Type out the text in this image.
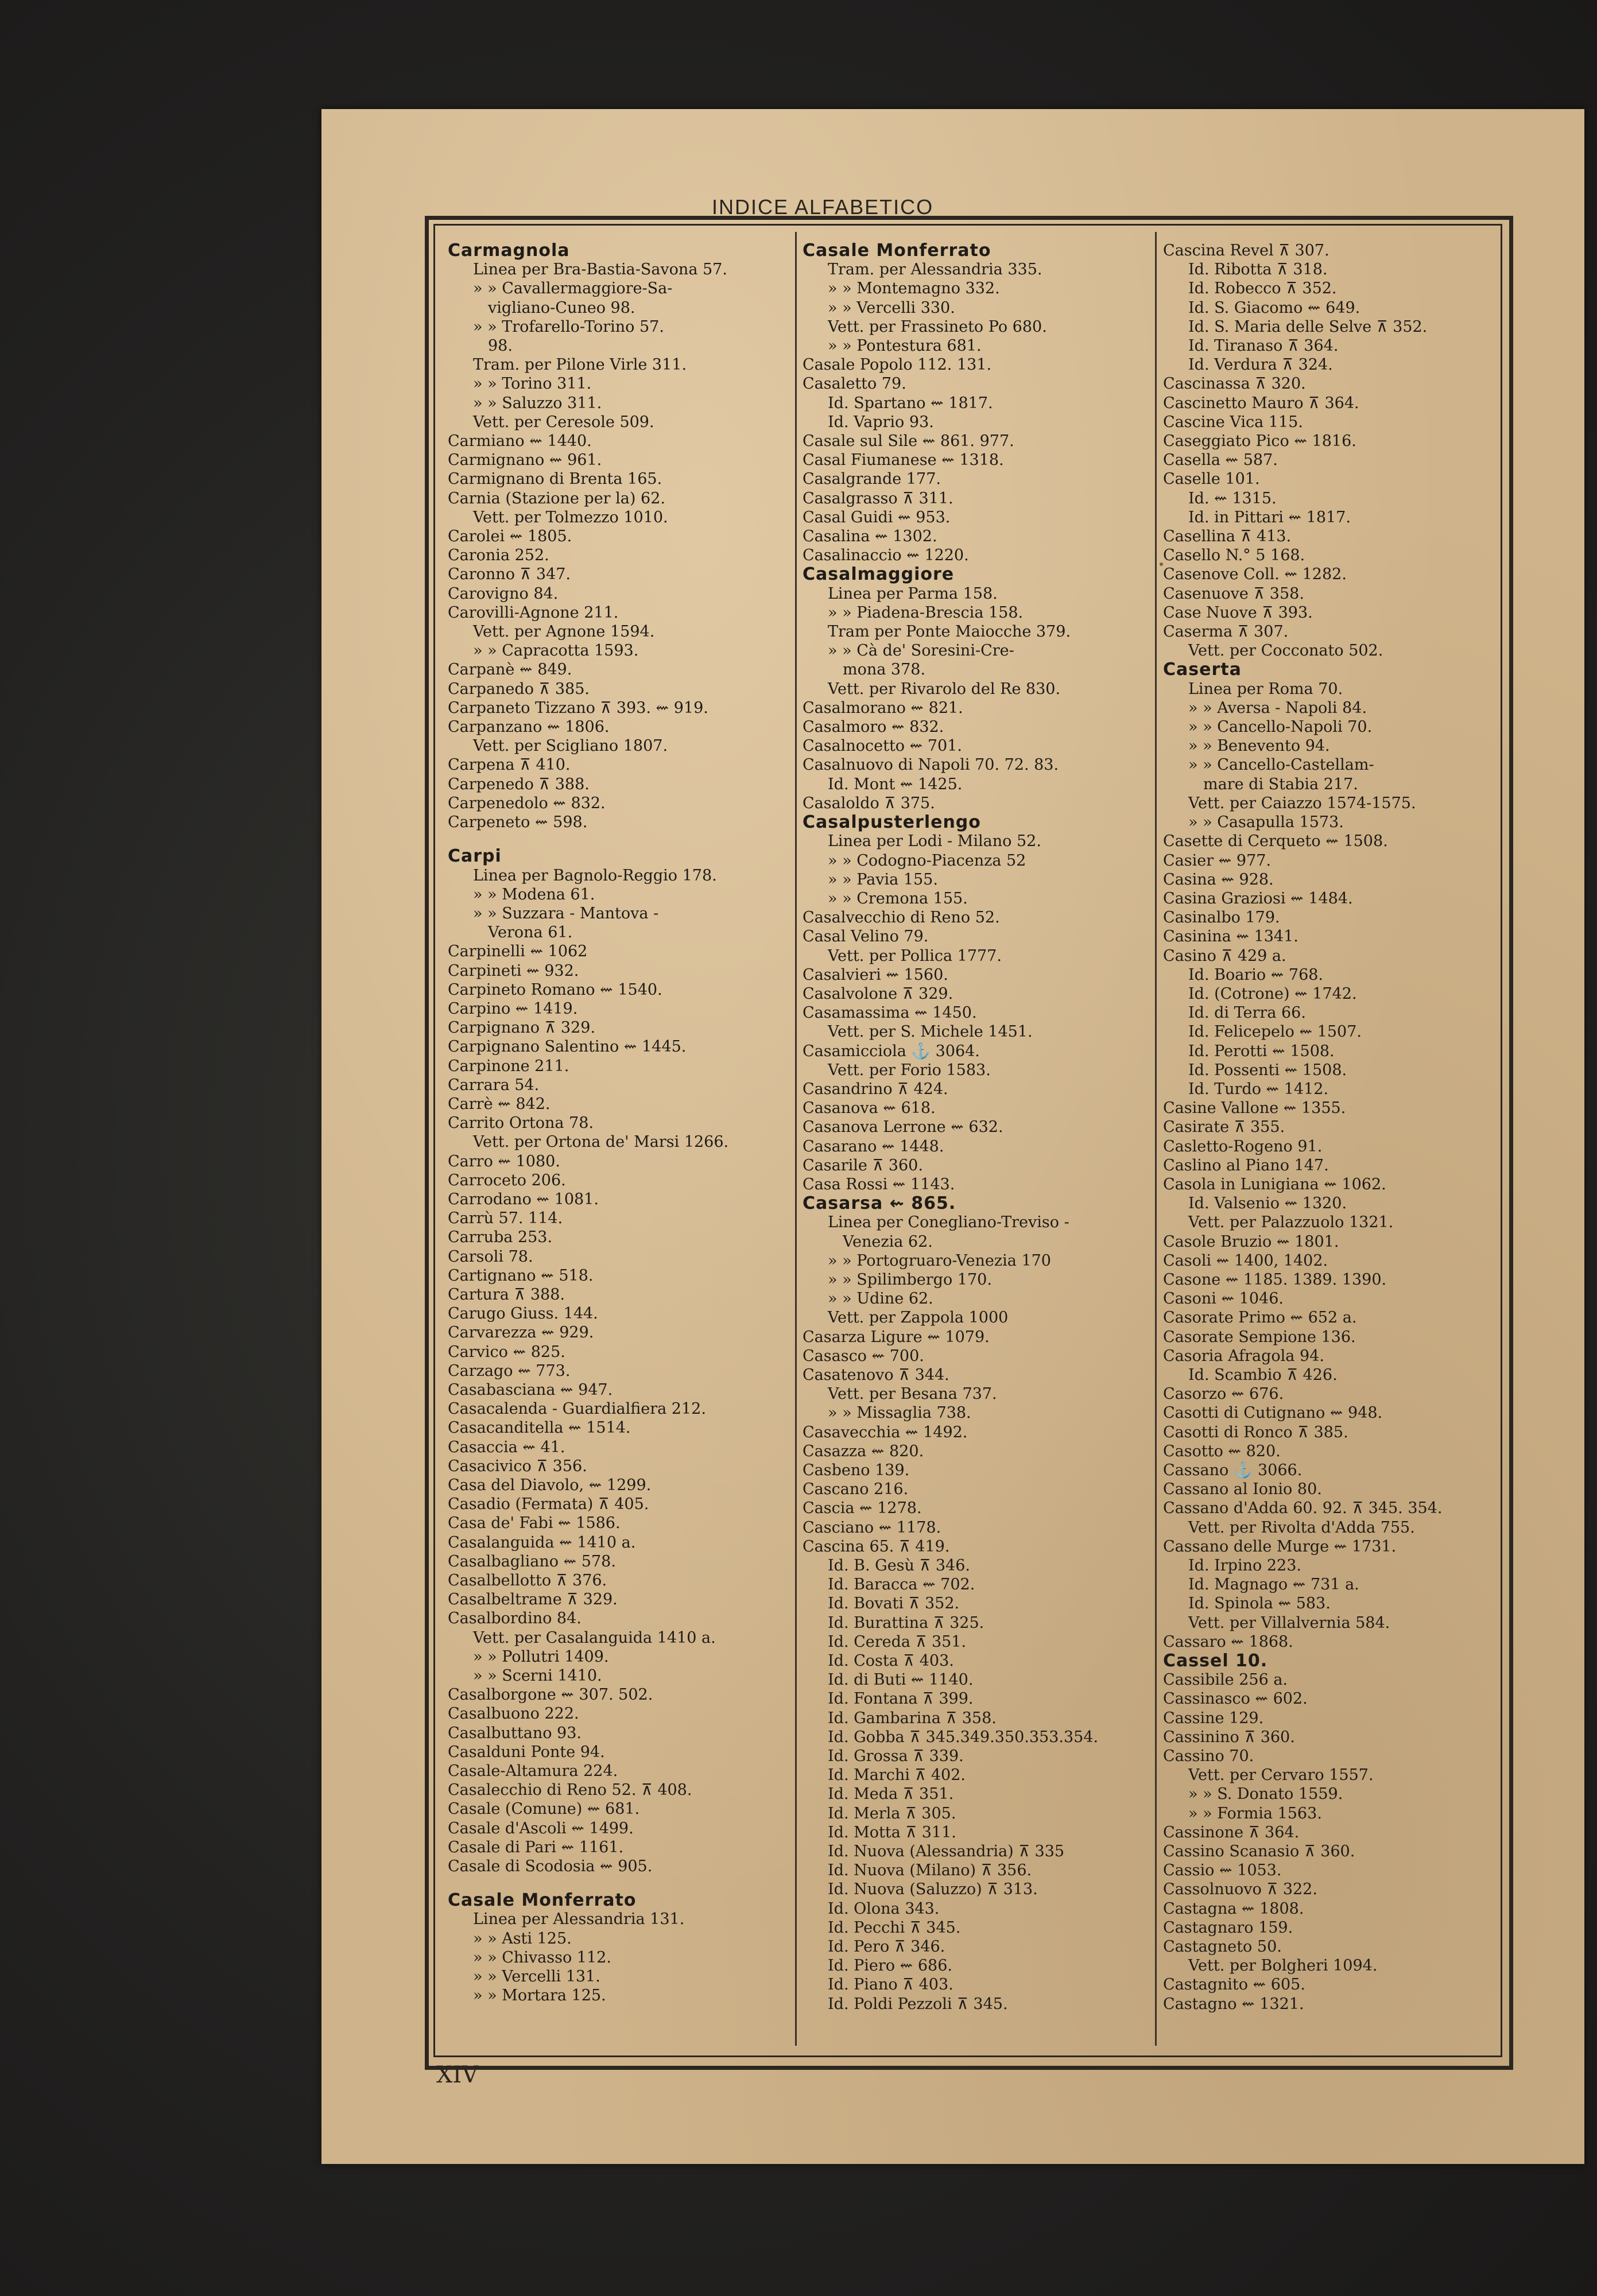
INDICE ALFABETICO
Carmagnola
Linea per Bra-Bastia-Savona 57.
» » Cavallermaggiore-Sa-
vigliano-Cuneo 98.
» » Trofarello-Torino 57.
98.
Tram. per Pilone Virle 311.
» » Torino 311.
» » Saluzzo 311.
Vett. per Ceresole 509.
Carmiano ⇜ 1440.
Carmignano ⇜ 961.
Carmignano di Brenta 165.
Carnia (Stazione per la) 62.
Vett. per Tolmezzo 1010.
Carolei ⇜ 1805.
Caronia 252.
Caronno ⊼ 347.
Carovigno 84.
Carovilli-Agnone 211.
Vett. per Agnone 1594.
» » Capracotta 1593.
Carpanè ⇜ 849.
Carpanedo ⊼ 385.
Carpaneto Tizzano ⊼ 393. ⇜ 919.
Carpanzano ⇜ 1806.
Vett. per Scigliano 1807.
Carpena ⊼ 410.
Carpenedo ⊼ 388.
Carpenedolo ⇜ 832.
Carpeneto ⇜ 598.
Carpi
Linea per Bagnolo-Reggio 178.
» » Modena 61.
» » Suzzara - Mantova -
Verona 61.
Carpinelli ⇜ 1062
Carpineti ⇜ 932.
Carpineto Romano ⇜ 1540.
Carpino ⇜ 1419.
Carpignano ⊼ 329.
Carpignano Salentino ⇜ 1445.
Carpinone 211.
Carrara 54.
Carrè ⇜ 842.
Carrito Ortona 78.
Vett. per Ortona de' Marsi 1266.
Carro ⇜ 1080.
Carroceto 206.
Carrodano ⇜ 1081.
Carrù 57. 114.
Carruba 253.
Carsoli 78.
Cartignano ⇜ 518.
Cartura ⊼ 388.
Carugo Giuss. 144.
Carvarezza ⇜ 929.
Carvico ⇜ 825.
Carzago ⇜ 773.
Casabasciana ⇜ 947.
Casacalenda - Guardialfiera 212.
Casacanditella ⇜ 1514.
Casaccia ⇜ 41.
Casacivico ⊼ 356.
Casa del Diavolo, ⇜ 1299.
Casadio (Fermata) ⊼ 405.
Casa de' Fabi ⇜ 1586.
Casalanguida ⇜ 1410 a.
Casalbagliano ⇜ 578.
Casalbellotto ⊼ 376.
Casalbeltrame ⊼ 329.
Casalbordino 84.
Vett. per Casalanguida 1410 a.
» » Pollutri 1409.
» » Scerni 1410.
Casalborgone ⇜ 307. 502.
Casalbuono 222.
Casalbuttano 93.
Casalduni Ponte 94.
Casale-Altamura 224.
Casalecchio di Reno 52. ⊼ 408.
Casale (Comune) ⇜ 681.
Casale d'Ascoli ⇜ 1499.
Casale di Pari ⇜ 1161.
Casale di Scodosia ⇜ 905.
Casale Monferrato
Linea per Alessandria 131.
» » Asti 125.
» » Chivasso 112.
» » Vercelli 131.
» » Mortara 125.
Casale Monferrato
Tram. per Alessandria 335.
» » Montemagno 332.
» » Vercelli 330.
Vett. per Frassineto Po 680.
» » Pontestura 681.
Casale Popolo 112. 131.
Casaletto 79.
Id. Spartano ⇜ 1817.
Id. Vaprio 93.
Casale sul Sile ⇜ 861. 977.
Casal Fiumanese ⇜ 1318.
Casalgrande 177.
Casalgrasso ⊼ 311.
Casal Guidi ⇜ 953.
Casalina ⇜ 1302.
Casalinaccio ⇜ 1220.
Casalmaggiore
Linea per Parma 158.
» » Piadena-Brescia 158.
Tram per Ponte Maiocche 379.
» » Cà de' Soresini-Cre-
mona 378.
Vett. per Rivarolo del Re 830.
Casalmorano ⇜ 821.
Casalmoro ⇜ 832.
Casalnocetto ⇜ 701.
Casalnuovo di Napoli 70. 72. 83.
Id. Mont ⇜ 1425.
Casaloldo ⊼ 375.
Casalpusterlengo
Linea per Lodi - Milano 52.
» » Codogno-Piacenza 52
» » Pavia 155.
» » Cremona 155.
Casalvecchio di Reno 52.
Casal Velino 79.
Vett. per Pollica 1777.
Casalvieri ⇜ 1560.
Casalvolone ⊼ 329.
Casamassima ⇜ 1450.
Vett. per S. Michele 1451.
Casamicciola ⚓ 3064.
Vett. per Forio 1583.
Casandrino ⊼ 424.
Casanova ⇜ 618.
Casanova Lerrone ⇜ 632.
Casarano ⇜ 1448.
Casarile ⊼ 360.
Casa Rossi ⇜ 1143.
Casarsa ⇜ 865.
Linea per Conegliano-Treviso -
Venezia 62.
» » Portogruaro-Venezia 170
» » Spilimbergo 170.
» » Udine 62.
Vett. per Zappola 1000
Casarza Ligure ⇜ 1079.
Casasco ⇜ 700.
Casatenovo ⊼ 344.
Vett. per Besana 737.
» » Missaglia 738.
Casavecchia ⇜ 1492.
Casazza ⇜ 820.
Casbeno 139.
Cascano 216.
Cascia ⇜ 1278.
Casciano ⇜ 1178.
Cascina 65. ⊼ 419.
Id. B. Gesù ⊼ 346.
Id. Baracca ⇜ 702.
Id. Bovati ⊼ 352.
Id. Burattina ⊼ 325.
Id. Cereda ⊼ 351.
Id. Costa ⊼ 403.
Id. di Buti ⇜ 1140.
Id. Fontana ⊼ 399.
Id. Gambarina ⊼ 358.
Id. Gobba ⊼ 345.349.350.353.354.
Id. Grossa ⊼ 339.
Id. Marchi ⊼ 402.
Id. Meda ⊼ 351.
Id. Merla ⊼ 305.
Id. Motta ⊼ 311.
Id. Nuova (Alessandria) ⊼ 335
Id. Nuova (Milano) ⊼ 356.
Id. Nuova (Saluzzo) ⊼ 313.
Id. Olona 343.
Id. Pecchi ⊼ 345.
Id. Pero ⊼ 346.
Id. Piero ⇜ 686.
Id. Piano ⊼ 403.
Id. Poldi Pezzoli ⊼ 345.
Cascina Revel ⊼ 307.
Id. Ribotta ⊼ 318.
Id. Robecco ⊼ 352.
Id. S. Giacomo ⇜ 649.
Id. S. Maria delle Selve ⊼ 352.
Id. Tiranaso ⊼ 364.
Id. Verdura ⊼ 324.
Cascinassa ⊼ 320.
Cascinetto Mauro ⊼ 364.
Cascine Vica 115.
Caseggiato Pico ⇜ 1816.
Casella ⇜ 587.
Caselle 101.
Id. ⇜ 1315.
Id. in Pittari ⇜ 1817.
Casellina ⊼ 413.
Casello N.° 5 168.
Casenove Coll. ⇜ 1282.
Casenuove ⊼ 358.
Case Nuove ⊼ 393.
Caserma ⊼ 307.
Vett. per Cocconato 502.
Caserta
Linea per Roma 70.
» » Aversa - Napoli 84.
» » Cancello-Napoli 70.
» » Benevento 94.
» » Cancello-Castellam-
mare di Stabia 217.
Vett. per Caiazzo 1574-1575.
» » Casapulla 1573.
Casette di Cerqueto ⇜ 1508.
Casier ⇜ 977.
Casina ⇜ 928.
Casina Graziosi ⇜ 1484.
Casinalbo 179.
Casinina ⇜ 1341.
Casino ⊼ 429 a.
Id. Boario ⇜ 768.
Id. (Cotrone) ⇜ 1742.
Id. di Terra 66.
Id. Felicepelo ⇜ 1507.
Id. Perotti ⇜ 1508.
Id. Possenti ⇜ 1508.
Id. Turdo ⇜ 1412.
Casine Vallone ⇜ 1355.
Casirate ⊼ 355.
Casletto-Rogeno 91.
Caslino al Piano 147.
Casola in Lunigiana ⇜ 1062.
Id. Valsenio ⇜ 1320.
Vett. per Palazzuolo 1321.
Casole Bruzio ⇜ 1801.
Casoli ⇜ 1400, 1402.
Casone ⇜ 1185. 1389. 1390.
Casoni ⇜ 1046.
Casorate Primo ⇜ 652 a.
Casorate Sempione 136.
Casoria Afragola 94.
Id. Scambio ⊼ 426.
Casorzo ⇜ 676.
Casotti di Cutignano ⇜ 948.
Casotti di Ronco ⊼ 385.
Casotto ⇜ 820.
Cassano ⚓ 3066.
Cassano al Ionio 80.
Cassano d'Adda 60. 92. ⊼ 345. 354.
Vett. per Rivolta d'Adda 755.
Cassano delle Murge ⇜ 1731.
Id. Irpino 223.
Id. Magnago ⇜ 731 a.
Id. Spinola ⇜ 583.
Vett. per Villalvernia 584.
Cassaro ⇜ 1868.
Cassel 10.
Cassibile 256 a.
Cassinasco ⇜ 602.
Cassine 129.
Cassinino ⊼ 360.
Cassino 70.
Vett. per Cervaro 1557.
» » S. Donato 1559.
» » Formia 1563.
Cassinone ⊼ 364.
Cassino Scanasio ⊼ 360.
Cassio ⇜ 1053.
Cassolnuovo ⊼ 322.
Castagna ⇜ 1808.
Castagnaro 159.
Castagneto 50.
Vett. per Bolgheri 1094.
Castagnito ⇜ 605.
Castagno ⇜ 1321.
XIV
